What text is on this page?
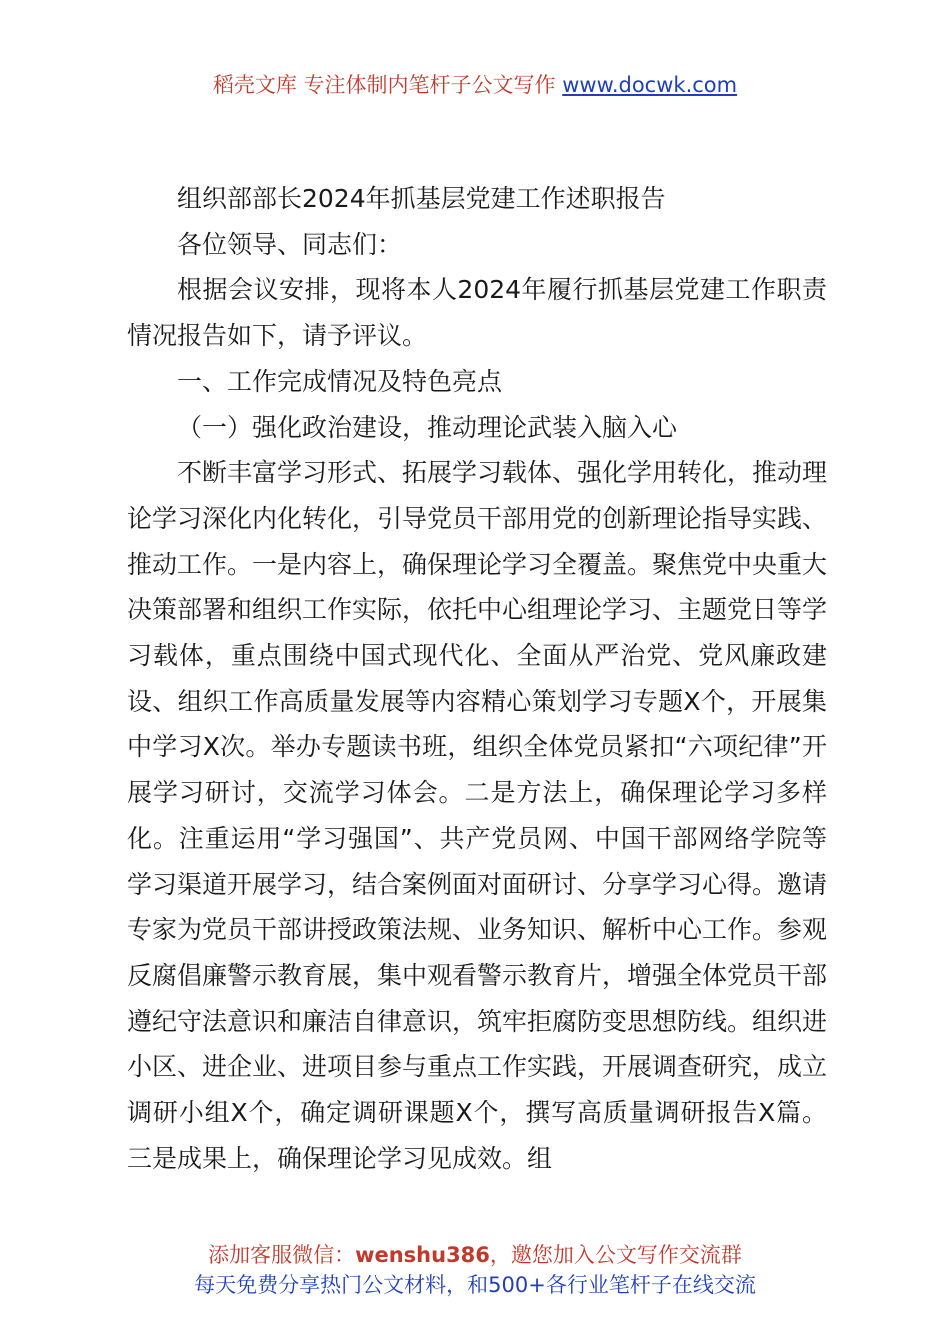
稻壳文库 专注体制内笔杆子公文写作 www.docwk.com

组织部部长2024年抓基层党建工作述职报告

各位领导、同志们：

根据会议安排，现将本人2024年履行抓基层党建工作职责情况报告如下，请予评议。

一、工作完成情况及特色亮点

（一）强化政治建设，推动理论武装入脑入心

不断丰富学习形式、拓展学习载体、强化学用转化，推动理论学习深化内化转化，引导党员干部用党的创新理论指导实践、推动工作。一是内容上，确保理论学习全覆盖。聚焦党中央重大决策部署和组织工作实际，依托中心组理论学习、主题党日等学习载体，重点围绕中国式现代化、全面从严治党、党风廉政建设、组织工作高质量发展等内容精心策划学习专题X个，开展集中学习X次。举办专题读书班，组织全体党员紧扣“六项纪律”开展学习研讨，交流学习体会。二是方法上，确保理论学习多样化。注重运用“学习强国”、共产党员网、中国干部网络学院等学习渠道开展学习，结合案例面对面研讨、分享学习心得。邀请专家为党员干部讲授政策法规、业务知识、解析中心工作。参观反腐倡廉警示教育展，集中观看警示教育片，增强全体党员干部遵纪守法意识和廉洁自律意识，筑牢拒腐防变思想防线。组织进小区、进企业、进项目参与重点工作实践，开展调查研究，成立调研小组X个，确定调研课题X个，撰写高质量调研报告X篇。三是成果上，确保理论学习见成效。组

添加客服微信：wenshu386，邀您加入公文写作交流群
每天免费分享热门公文材料，和500+各行业笔杆子在线交流
